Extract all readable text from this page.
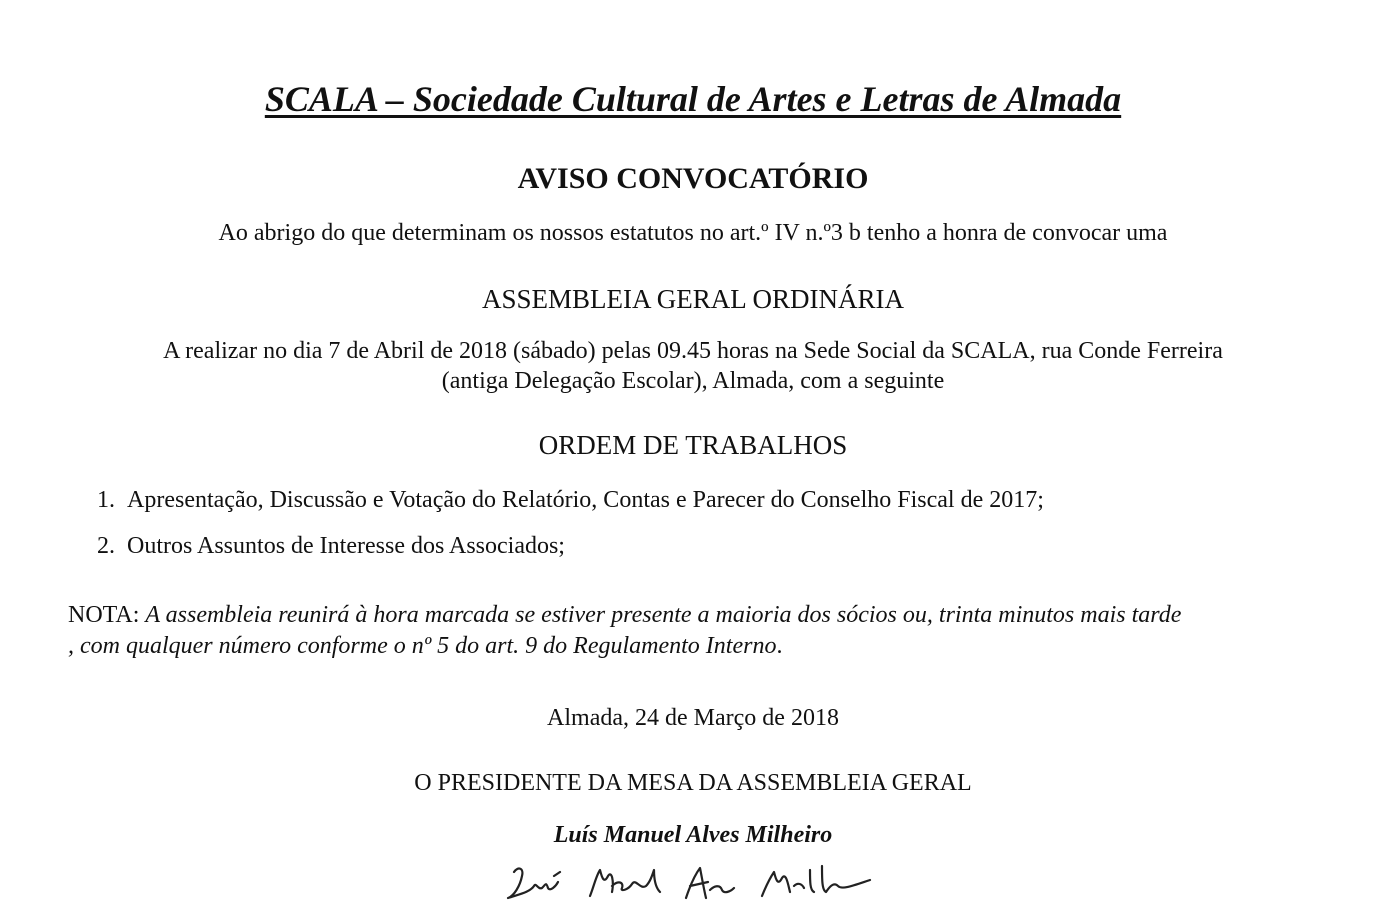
SCALA – Sociedade Cultural de Artes e Letras de Almada
AVISO CONVOCATÓRIO
Ao abrigo do que determinam os nossos estatutos no art.º IV n.º3 b tenho a honra de convocar uma
ASSEMBLEIA GERAL ORDINÁRIA
A realizar no dia 7 de Abril de 2018 (sábado) pelas 09.45 horas na Sede Social da SCALA, rua Conde Ferreira
(antiga Delegação Escolar), Almada, com a seguinte
ORDEM DE TRABALHOS
1. Apresentação, Discussão e Votação do Relatório, Contas e Parecer do Conselho Fiscal de 2017;
2. Outros Assuntos de Interesse dos Associados;
NOTA: A assembleia reunirá à hora marcada se estiver presente a maioria dos sócios ou, trinta minutos mais tarde
, com qualquer número conforme o nº 5 do art. 9 do Regulamento Interno.
Almada, 24 de Março de 2018
O PRESIDENTE DA MESA DA ASSEMBLEIA GERAL
Luís Manuel Alves Milheiro
